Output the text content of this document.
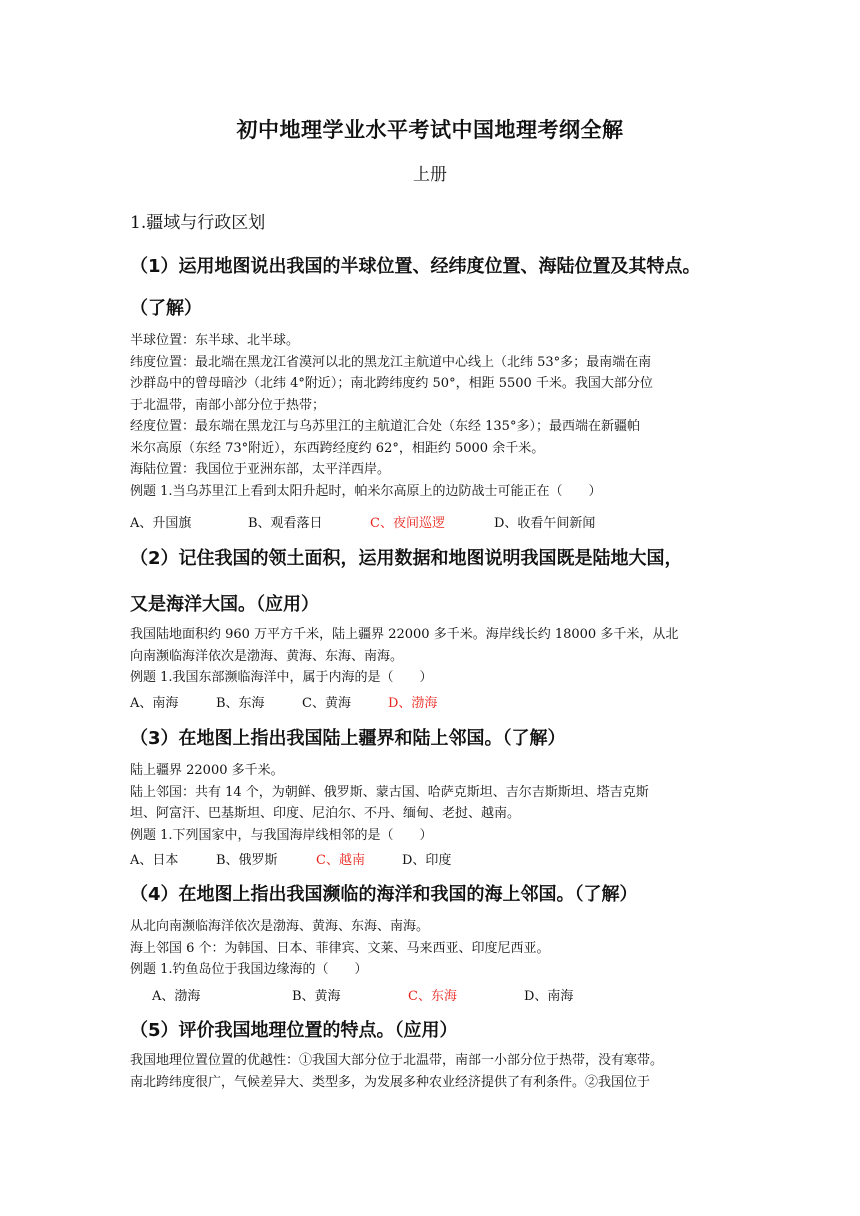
初中地理学业水平考试中国地理考纲全解
上册
1.疆域与行政区划
（1）运用地图说出我国的半球位置、经纬度位置、海陆位置及其特点。
（了解）
半球位置：东半球、北半球。
纬度位置：最北端在黑龙江省漠河以北的黑龙江主航道中心线上（北纬 53°多；最南端在南
沙群岛中的曾母暗沙（北纬 4°附近）；南北跨纬度约 50°，相距 5500 千米。我国大部分位
于北温带，南部小部分位于热带；
经度位置：最东端在黑龙江与乌苏里江的主航道汇合处（东经 135°多）；最西端在新疆帕
米尔高原（东经 73°附近），东西跨经度约 62°，相距约 5000 余千米。
海陆位置：我国位于亚洲东部，太平洋西岸。
例题 1.当乌苏里江上看到太阳升起时，帕米尔高原上的边防战士可能正在（　　）
A、升国旗	B、观看落日	C、夜间巡逻	D、收看午间新闻
（2）记住我国的领土面积，运用数据和地图说明我国既是陆地大国，
又是海洋大国。（应用）
我国陆地面积约 960 万平方千米，陆上疆界 22000 多千米。海岸线长约 18000 多千米，从北
向南濒临海洋依次是渤海、黄海、东海、南海。
例题 1.我国东部濒临海洋中，属于内海的是（　　）
A、南海	B、东海	C、黄海	D、渤海
（3）在地图上指出我国陆上疆界和陆上邻国。（了解）
陆上疆界 22000 多千米。
陆上邻国：共有 14 个，为朝鲜、俄罗斯、蒙古国、哈萨克斯坦、吉尔吉斯斯坦、塔吉克斯
坦、阿富汗、巴基斯坦、印度、尼泊尔、不丹、缅甸、老挝、越南。
例题 1.下列国家中，与我国海岸线相邻的是（　　）
A、日本	B、俄罗斯	C、越南	D、印度
（4）在地图上指出我国濒临的海洋和我国的海上邻国。（了解）
从北向南濒临海洋依次是渤海、黄海、东海、南海。
海上邻国 6 个：为韩国、日本、菲律宾、文莱、马来西亚、印度尼西亚。
例题 1.钓鱼岛位于我国边缘海的（　　）
A、渤海	B、黄海	C、东海	D、南海
（5）评价我国地理位置的特点。（应用）
我国地理位置位置的优越性：①我国大部分位于北温带，南部一小部分位于热带，没有寒带。
南北跨纬度很广，气候差异大、类型多，为发展多种农业经济提供了有利条件。②我国位于
